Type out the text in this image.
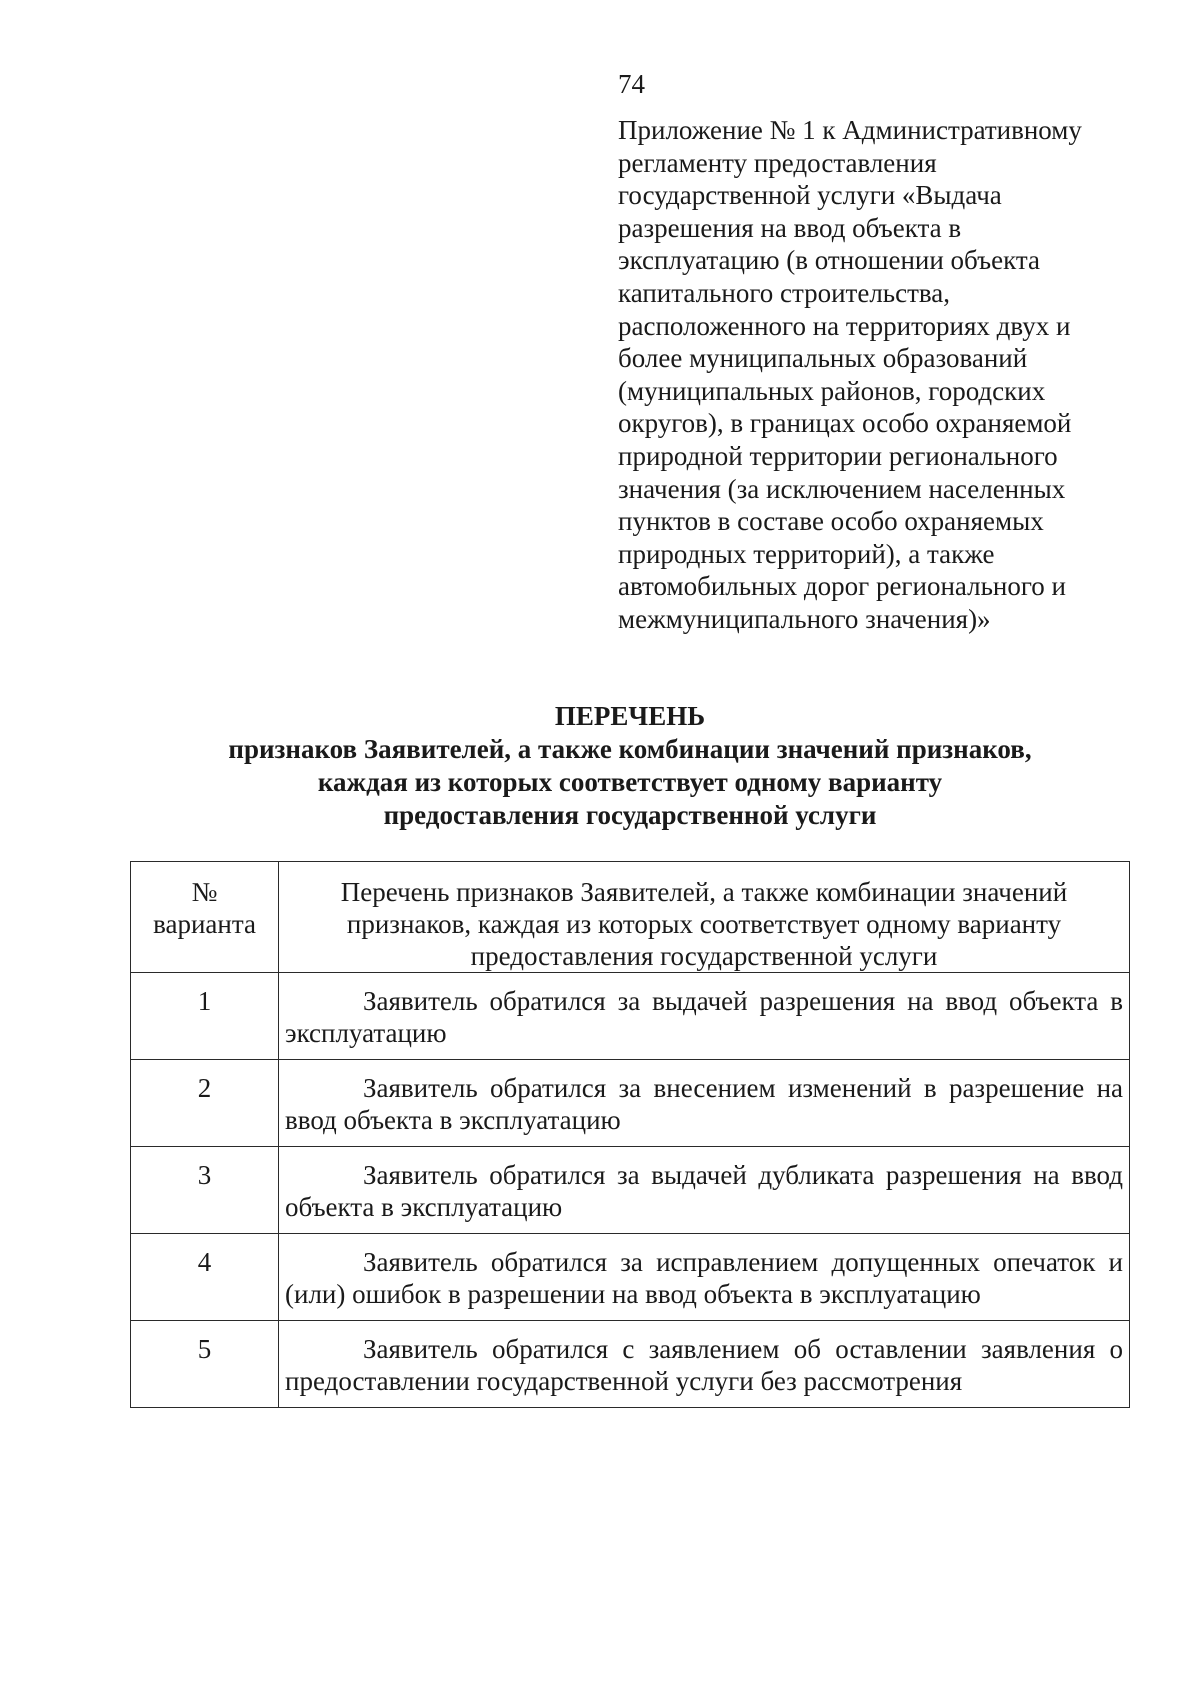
74
Приложение № 1 к Административному
регламенту предоставления
государственной услуги «Выдача
разрешения на ввод объекта в
эксплуатацию (в отношении объекта
капитального строительства,
расположенного на территориях двух и
более муниципальных образований
(муниципальных районов, городских
округов), в границах особо охраняемой
природной территории регионального
значения (за исключением населенных
пунктов в составе особо охраняемых
природных территорий), а также
автомобильных дорог регионального и
межмуниципального значения)»
ПЕРЕЧЕНЬ
признаков Заявителей, а также комбинации значений признаков,
каждая из которых соответствует одному варианту
предоставления государственной услуги
№
варианта	Перечень признаков Заявителей, а также комбинации значений
признаков, каждая из которых соответствует одному варианту
предоставления государственной услуги

1	Заявитель обратился за выдачей разрешения на ввод объекта в эксплуатацию

2	Заявитель обратился за внесением изменений в разрешение на ввод объекта в эксплуатацию

3	Заявитель обратился за выдачей дубликата разрешения на ввод объекта в эксплуатацию

4	Заявитель обратился за исправлением допущенных опечаток и (или) ошибок в разрешении на ввод объекта в эксплуатацию

5	Заявитель обратился с заявлением об оставлении заявления о предоставлении государственной услуги без рассмотрения
